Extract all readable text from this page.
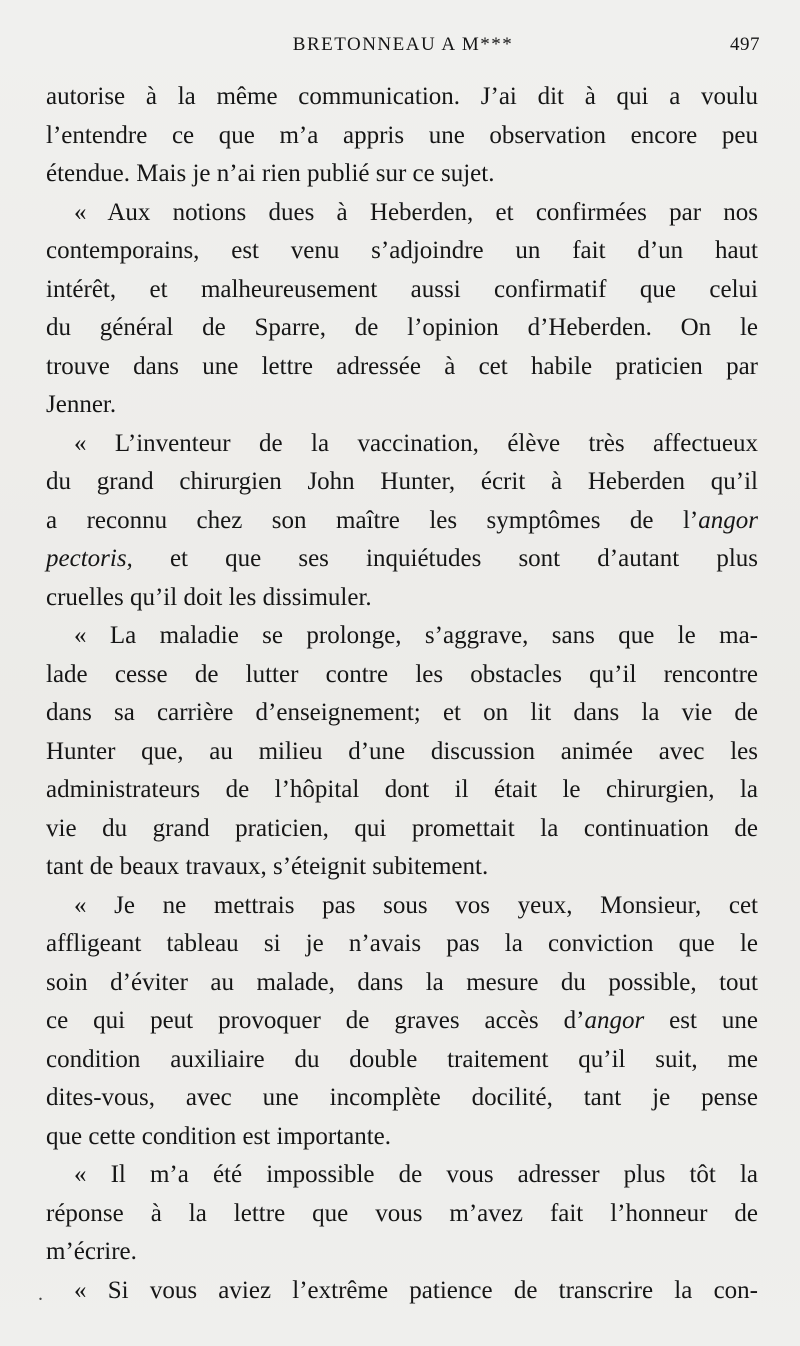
BRETONNEAU A M***	497
autorise à la même communication. J’ai dit à qui a voulu
l’entendre ce que m’a appris une observation encore peu
étendue. Mais je n’ai rien publié sur ce sujet.
« Aux notions dues à Heberden, et confirmées par nos
contemporains, est venu s’adjoindre un fait d’un haut
intérêt, et malheureusement aussi confirmatif que celui
du général de Sparre, de l’opinion d’Heberden. On le
trouve dans une lettre adressée à cet habile praticien par
Jenner.
« L’inventeur de la vaccination, élève très affectueux
du grand chirurgien John Hunter, écrit à Heberden qu’il
a reconnu chez son maître les symptômes de l’angor
pectoris, et que ses inquiétudes sont d’autant plus
cruelles qu’il doit les dissimuler.
« La maladie se prolonge, s’aggrave, sans que le ma-
lade cesse de lutter contre les obstacles qu’il rencontre
dans sa carrière d’enseignement; et on lit dans la vie de
Hunter que, au milieu d’une discussion animée avec les
administrateurs de l’hôpital dont il était le chirurgien, la
vie du grand praticien, qui promettait la continuation de
tant de beaux travaux, s’éteignit subitement.
« Je ne mettrais pas sous vos yeux, Monsieur, cet
affligeant tableau si je n’avais pas la conviction que le
soin d’éviter au malade, dans la mesure du possible, tout
ce qui peut provoquer de graves accès d’angor est une
condition auxiliaire du double traitement qu’il suit, me
dites-vous, avec une incomplète docilité, tant je pense
que cette condition est importante.
« Il m’a été impossible de vous adresser plus tôt la
réponse à la lettre que vous m’avez fait l’honneur de
m’écrire.
« Si vous aviez l’extrême patience de transcrire la con-
.
